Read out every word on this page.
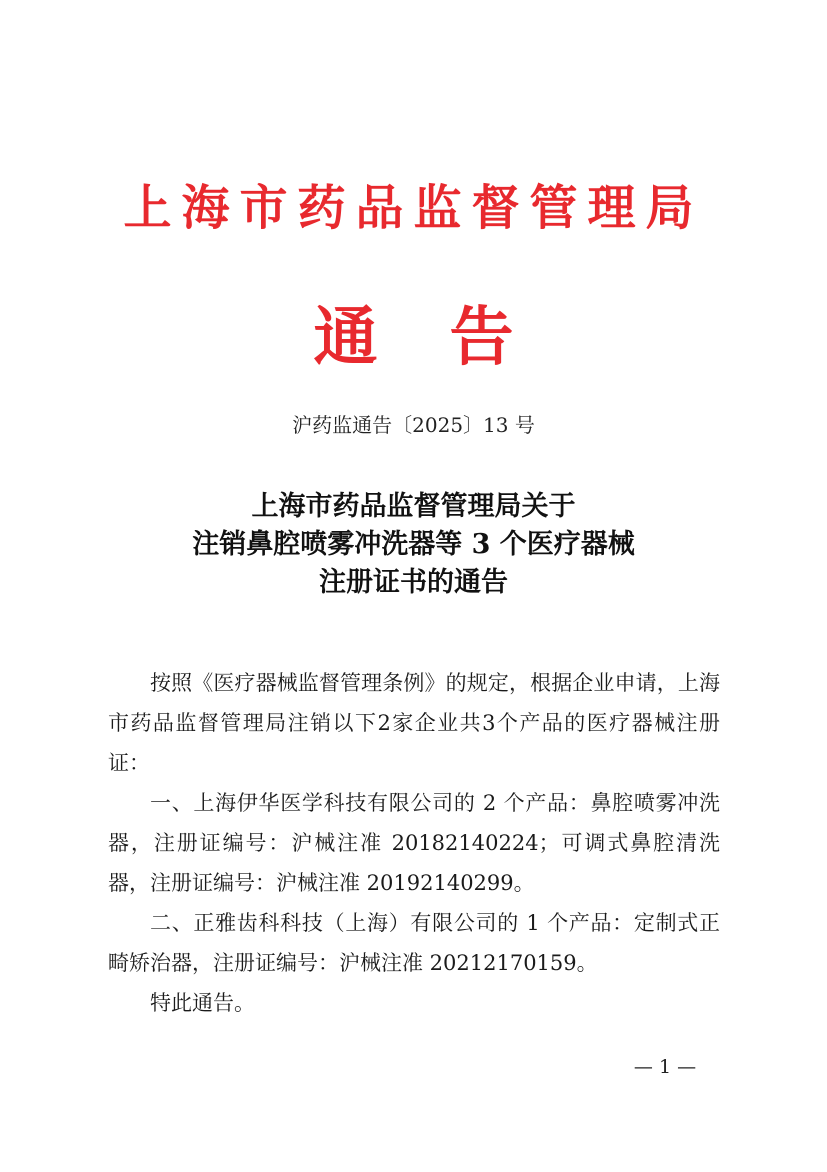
上海市药品监督管理局
通 告
沪药监通告〔2025〕13 号
上海市药品监督管理局关于
注销鼻腔喷雾冲洗器等 3 个医疗器械
注册证书的通告

按照《医疗器械监督管理条例》的规定，根据企业申请，上海市药品监督管理局注销以下2家企业共3个产品的医疗器械注册证：

一、上海伊华医学科技有限公司的 2 个产品：鼻腔喷雾冲洗器，注册证编号：沪械注准 20182140224；可调式鼻腔清洗器，注册证编号：沪械注准 20192140299。

二、正雅齿科科技（上海）有限公司的 1 个产品：定制式正畸矫治器，注册证编号：沪械注准 20212170159。

特此通告。

— 1 —
